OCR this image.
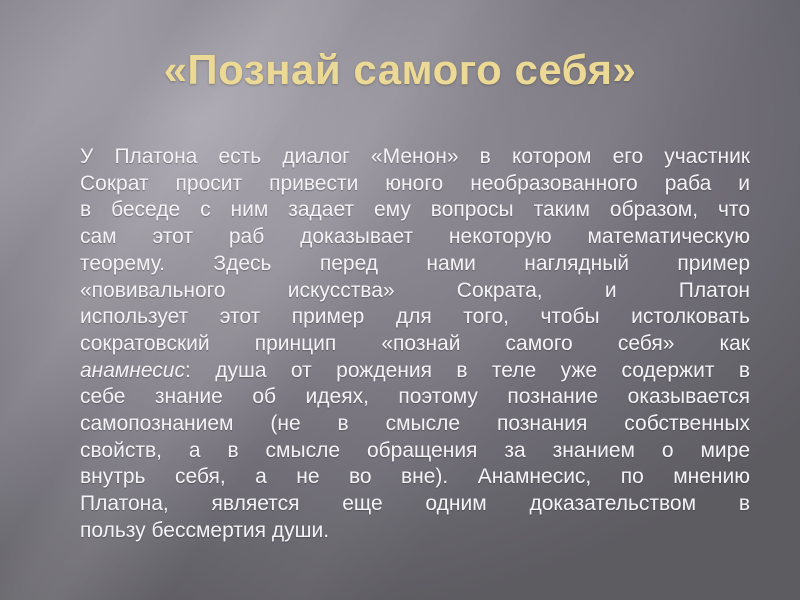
«Познай самого себя»
У Платона есть диалог «Менон» в котором его участник
Сократ просит привести юного необразованного раба и
в беседе с ним задает ему вопросы таким образом, что
сам этот раб доказывает некоторую математическую
теорему. Здесь перед нами наглядный пример
«повивального искусства» Сократа, и Платон
использует этот пример для того, чтобы истолковать
сократовский принцип «познай самого себя» как
анамнесис: душа от рождения в теле уже содержит в
себе знание об идеях, поэтому познание оказывается
самопознанием (не в смысле познания собственных
свойств, а в смысле обращения за знанием о мире
внутрь себя, а не во вне). Анамнесис, по мнению
Платона, является еще одним доказательством в
пользу бессмертия души.
